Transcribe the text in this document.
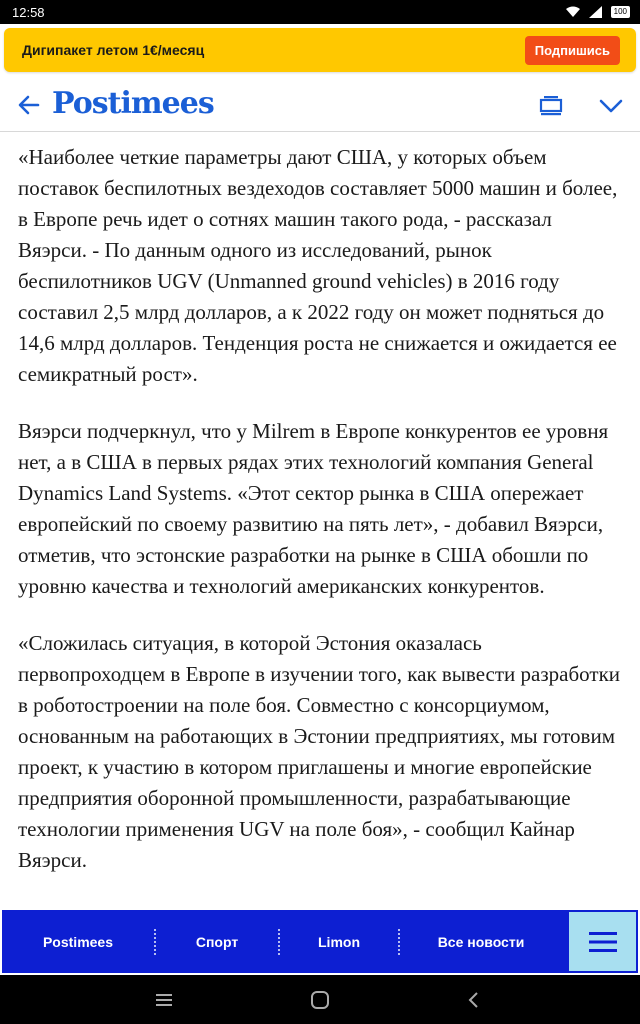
12:58	100
Дигипакет летом 1€/месяц	Подпишись
Postimees

«Наиболее четкие параметры дают США, у которых объем поставок беспилотных вездеходов составляет 5000 машин и более, в Европе речь идет о сотнях машин такого рода, - рассказал Вяэрси. - По данным одного из исследований, рынок беспилотников UGV (Unmanned ground vehicles) в 2016 году составил 2,5 млрд долларов, а к 2022 году он может подняться до 14,6 млрд долларов. Тенденция роста не снижается и ожидается ее семикратный рост».

Вяэрси подчеркнул, что у Milrem в Европе конкурентов ее уровня нет, а в США в первых рядах этих технологий компания General Dynamics Land Systems. «Этот сектор рынка в США опережает европейский по своему развитию на пять лет», - добавил Вяэрси, отметив, что эстонские разработки на рынке в США обошли по уровню качества и технологий американских конкурентов.

«Сложилась ситуация, в которой Эстония оказалась первопроходцем в Европе в изучении того, как вывести разработки в роботостроении на поле боя. Совместно с консорциумом, основанным на работающих в Эстонии предприятиях, мы готовим проект, к участию в котором приглашены и многие европейские предприятия оборонной промышленности, разрабатывающие технологии применения UGV на поле боя», - сообщил Кайнар Вяэрси.

Postimees	Спорт	Limon	Все новости
